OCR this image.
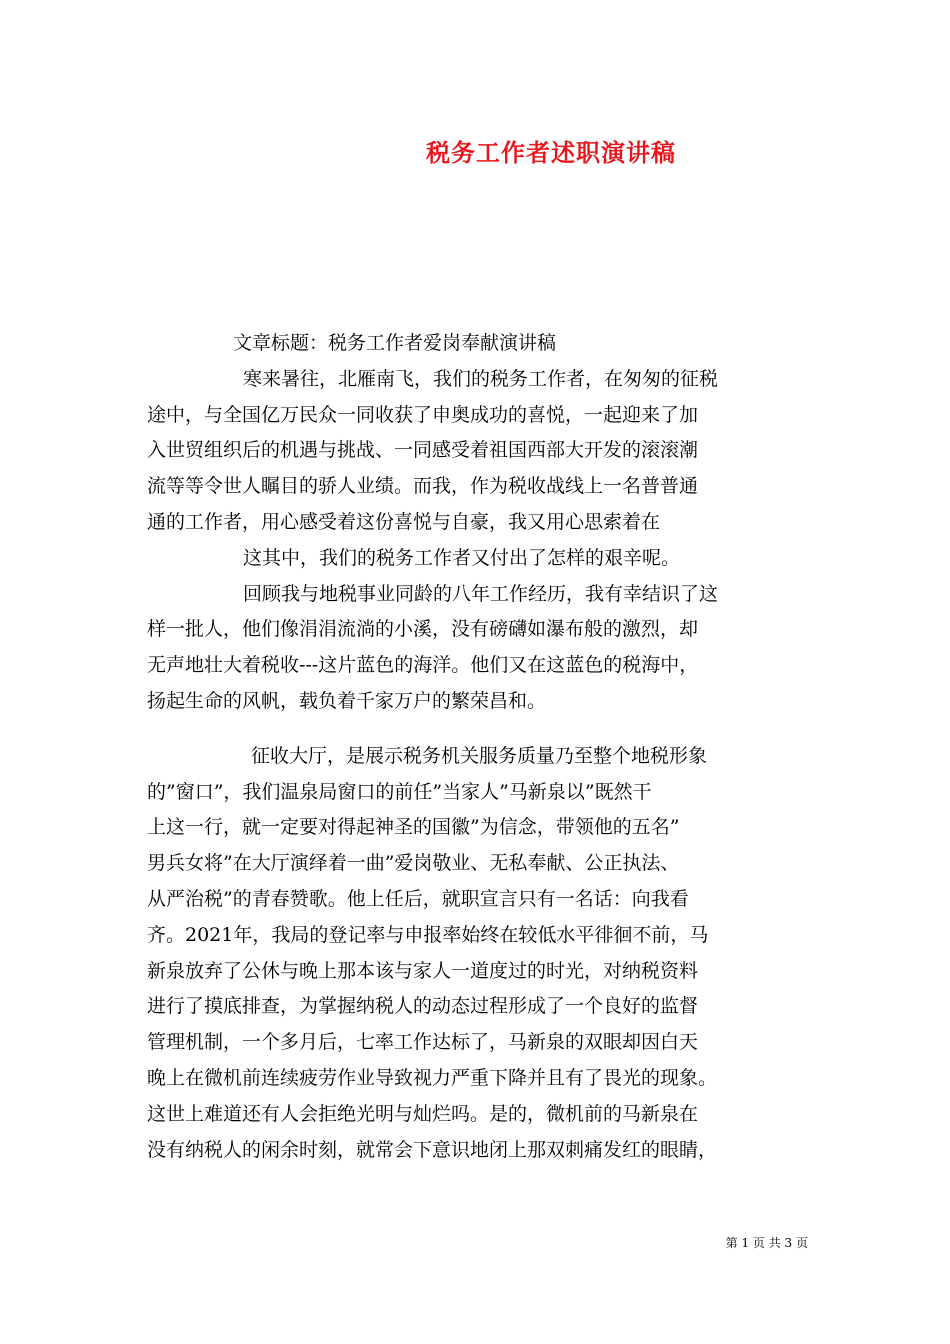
税务工作者述职演讲稿
文章标题：税务工作者爱岗奉献演讲稿
寒来暑往，北雁南飞，我们的税务工作者，在匆匆的征税
途中，与全国亿万民众一同收获了申奥成功的喜悦，一起迎来了加
入世贸组织后的机遇与挑战、一同感受着祖国西部大开发的滚滚潮
流等等令世人瞩目的骄人业绩。而我，作为税收战线上一名普普通
通的工作者，用心感受着这份喜悦与自豪，我又用心思索着在
这其中，我们的税务工作者又付出了怎样的艰辛呢。
回顾我与地税事业同龄的八年工作经历，我有幸结识了这
样一批人，他们像涓涓流淌的小溪，没有磅礴如瀑布般的激烈，却
无声地壮大着税收---这片蓝色的海洋。他们又在这蓝色的税海中，
扬起生命的风帆，载负着千家万户的繁荣昌和。
征收大厅，是展示税务机关服务质量乃至整个地税形象
的”窗口”，我们温泉局窗口的前任”当家人”马新泉以”既然干
上这一行，就一定要对得起神圣的国徽”为信念，带领他的五名”
男兵女将”在大厅演绎着一曲”爱岗敬业、无私奉献、公正执法、
从严治税”的青春赞歌。他上任后，就职宣言只有一名话：向我看
齐。2021年，我局的登记率与申报率始终在较低水平徘徊不前，马
新泉放弃了公休与晚上那本该与家人一道度过的时光，对纳税资料
进行了摸底排查，为掌握纳税人的动态过程形成了一个良好的监督
管理机制，一个多月后，七率工作达标了，马新泉的双眼却因白天
晚上在微机前连续疲劳作业导致视力严重下降并且有了畏光的现象。
这世上难道还有人会拒绝光明与灿烂吗。是的，微机前的马新泉在
没有纳税人的闲余时刻，就常会下意识地闭上那双刺痛发红的眼睛，
第 1 页 共 3 页
